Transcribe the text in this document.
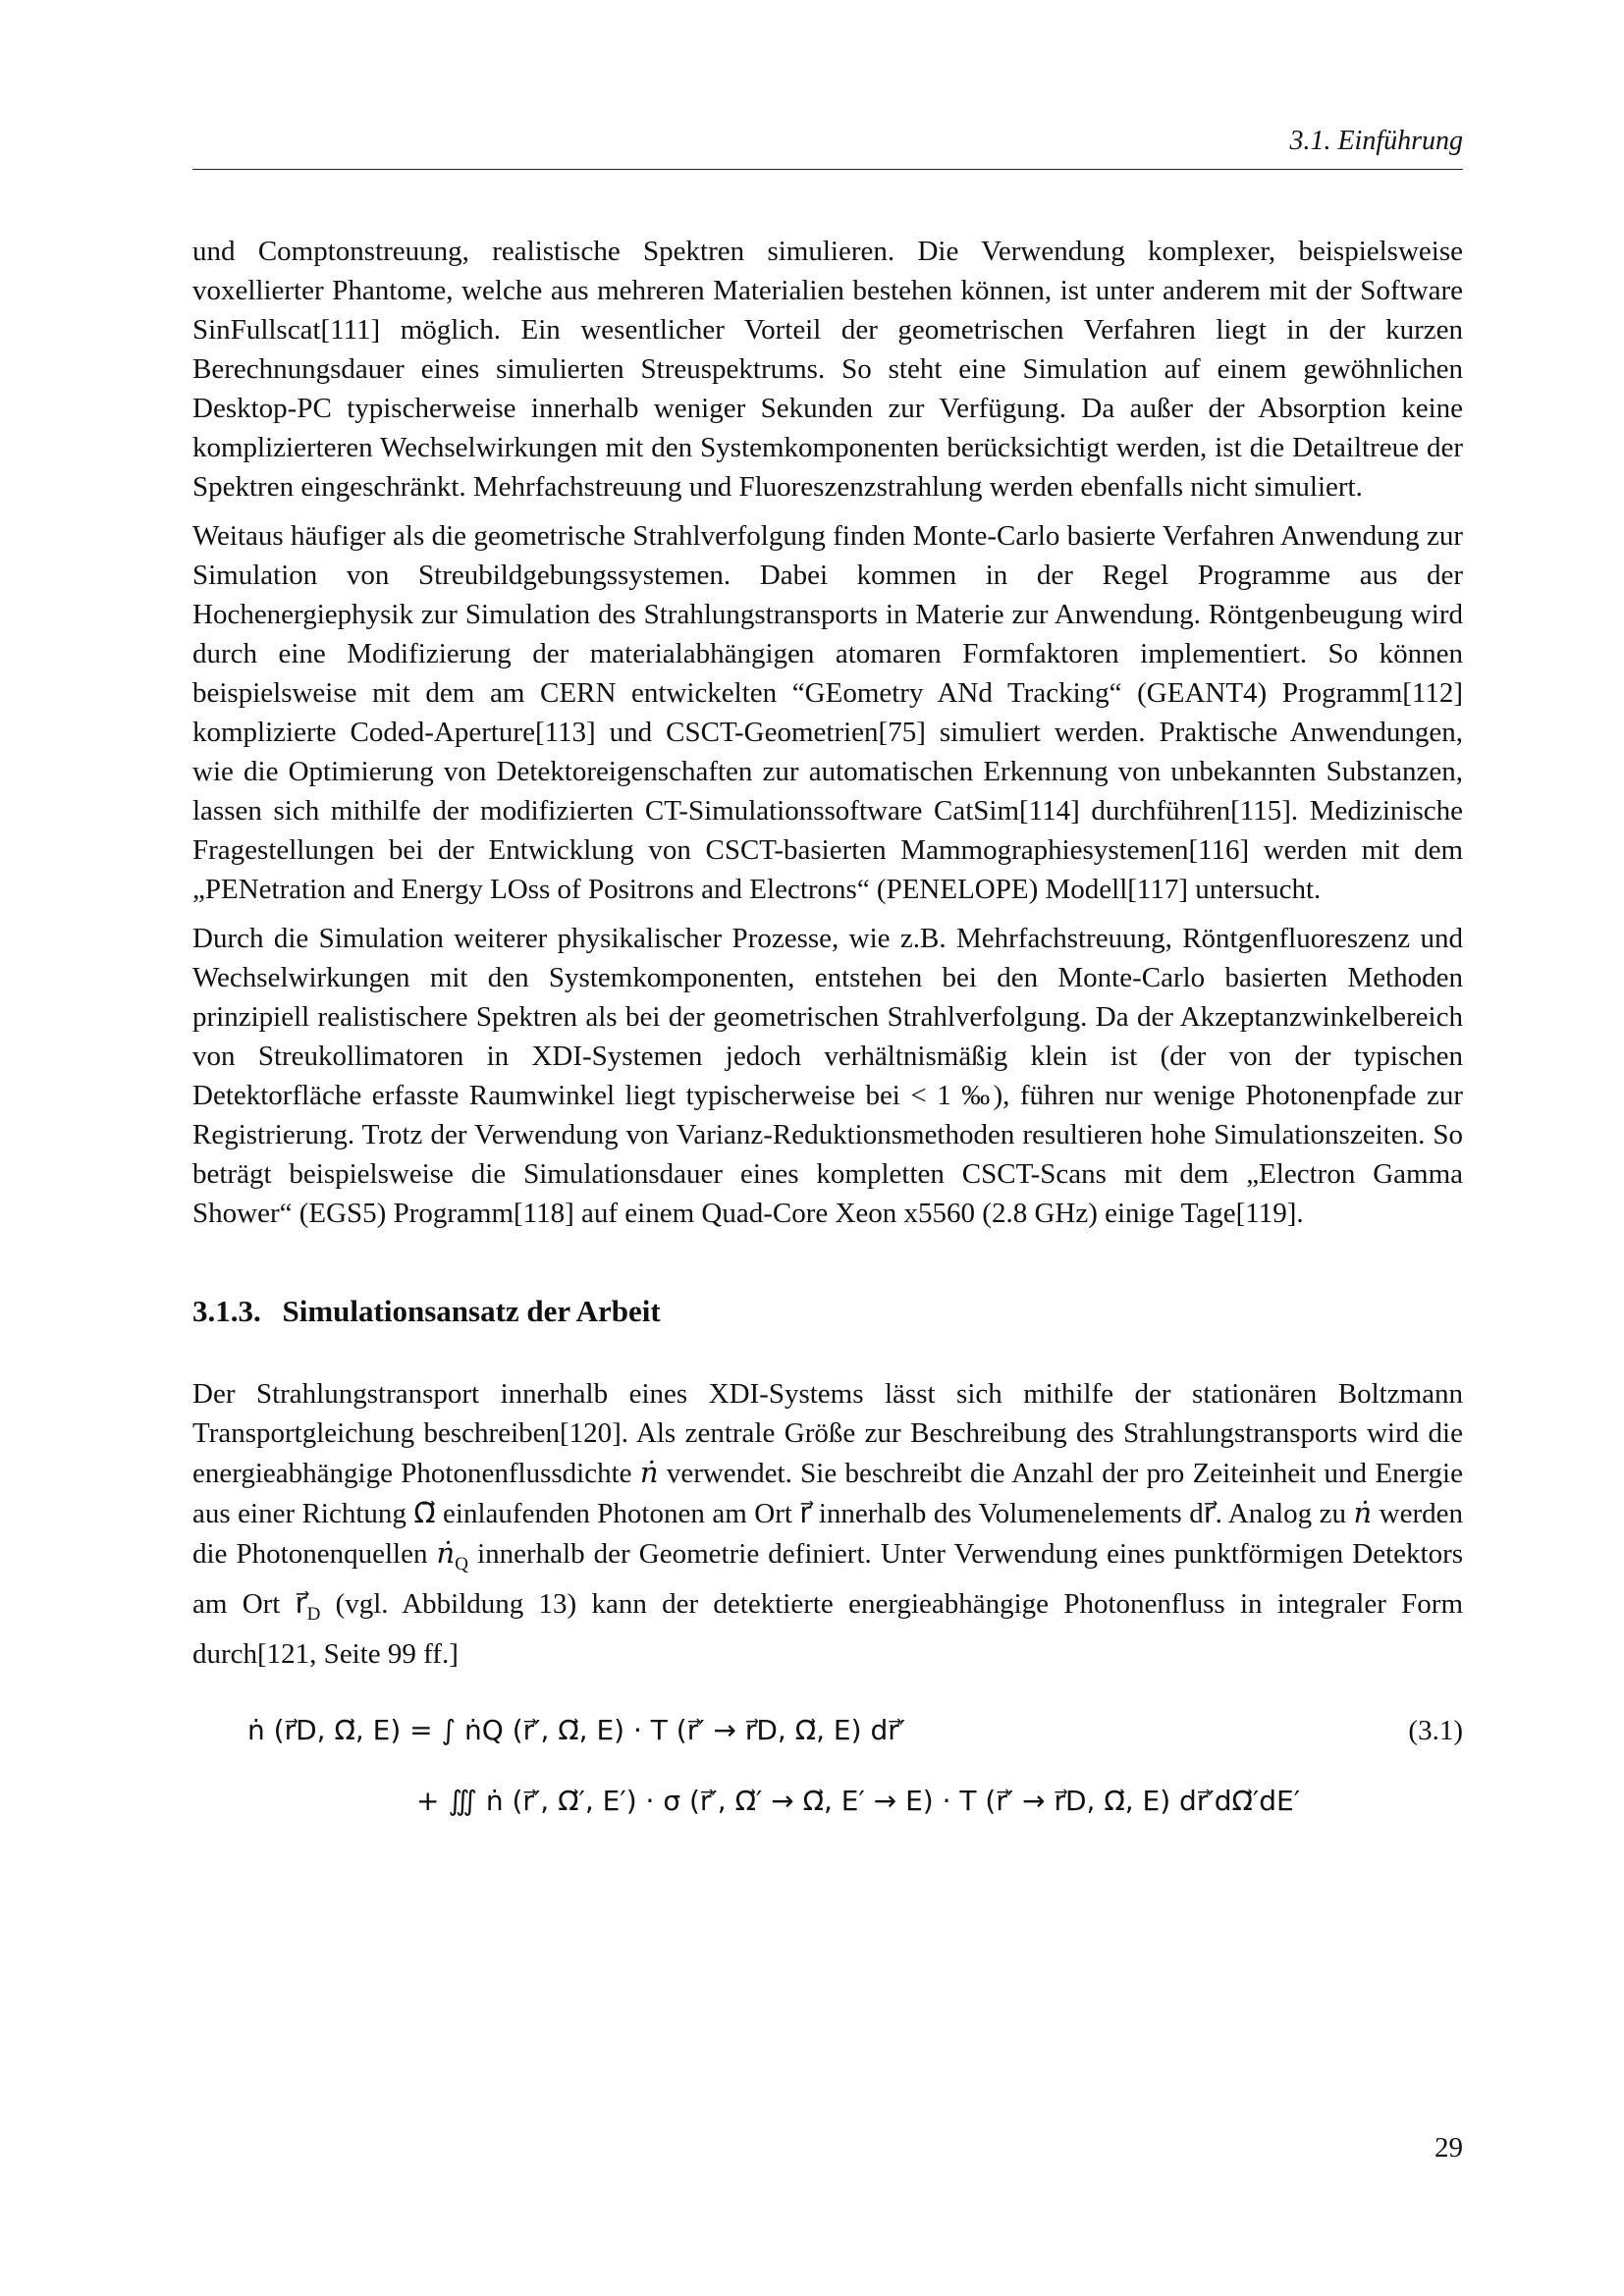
3.1. Einführung

und Comptonstreuung, realistische Spektren simulieren. Die Verwendung komplexer, beispielsweise voxellierter Phantome, welche aus mehreren Materialien bestehen können, ist unter anderem mit der Software SinFullscat[111] möglich. Ein wesentlicher Vorteil der geometrischen Verfahren liegt in der kurzen Berechnungsdauer eines simulierten Streuspektrums. So steht eine Simulation auf einem gewöhnlichen Desktop-PC typischerweise innerhalb weniger Sekunden zur Verfügung. Da außer der Absorption keine komplizierteren Wechselwirkungen mit den Systemkomponenten berücksichtigt werden, ist die Detailtreue der Spektren eingeschränkt. Mehrfachstreuung und Fluoreszenzstrahlung werden ebenfalls nicht simuliert.

Weitaus häufiger als die geometrische Strahlverfolgung finden Monte-Carlo basierte Verfahren Anwendung zur Simulation von Streubildgebungssystemen. Dabei kommen in der Regel Programme aus der Hochenergiephysik zur Simulation des Strahlungstransports in Materie zur Anwendung. Röntgenbeugung wird durch eine Modifizierung der materialabhängigen atomaren Formfaktoren implementiert. So können beispielsweise mit dem am CERN entwickelten “GEometry ANd Tracking“ (GEANT4) Programm[112] komplizierte Coded-Aperture[113] und CSCT-Geometrien[75] simuliert werden. Praktische Anwendungen, wie die Optimierung von Detektoreigenschaften zur automatischen Erkennung von unbekannten Substanzen, lassen sich mithilfe der modifizierten CT-Simulationssoftware CatSim[114] durchführen[115]. Medizinische Fragestellungen bei der Entwicklung von CSCT-basierten Mammographiesystemen[116] werden mit dem „PENetration and Energy LOss of Positrons and Electrons“ (PENELOPE) Modell[117] untersucht.

Durch die Simulation weiterer physikalischer Prozesse, wie z.B. Mehrfachstreuung, Röntgenfluoreszenz und Wechselwirkungen mit den Systemkomponenten, entstehen bei den Monte-Carlo basierten Methoden prinzipiell realistischere Spektren als bei der geometrischen Strahlverfolgung. Da der Akzeptanzwinkelbereich von Streukollimatoren in XDI-Systemen jedoch verhältnismäßig klein ist (der von der typischen Detektorfläche erfasste Raumwinkel liegt typischerweise bei < 1 ‰), führen nur wenige Photonenpfade zur Registrierung. Trotz der Verwendung von Varianz-Reduktionsmethoden resultieren hohe Simulationszeiten. So beträgt beispielsweise die Simulationsdauer eines kompletten CSCT-Scans mit dem „Electron Gamma Shower“ (EGS5) Programm[118] auf einem Quad-Core Xeon x5560 (2.8 GHz) einige Tage[119].

3.1.3. Simulationsansatz der Arbeit

Der Strahlungstransport innerhalb eines XDI-Systems lässt sich mithilfe der stationären Boltzmann Transportgleichung beschreiben[120]. Als zentrale Größe zur Beschreibung des Strahlungstransports wird die energieabhängige Photonenflussdichte ṅ verwendet. Sie beschreibt die Anzahl der pro Zeiteinheit und Energie aus einer Richtung Ω⃗ einlaufenden Photonen am Ort r⃗ innerhalb des Volumenelements dr⃗. Analog zu ṅ werden die Photonenquellen ṅ$_Q$ innerhalb der Geometrie definiert. Unter Verwendung eines punktförmigen Detektors am Ort $r⃗_D$ (vgl. Abbildung 13) kann der detektierte energieabhängige Photonenfluss in integraler Form durch[121, Seite 99 ff.]

ṅ (r⃗D, Ω⃗, E) = ∫ ṅQ (r⃗′, Ω⃗, E) · T (r⃗′ → r⃗D, Ω⃗, E) dr⃗′
+ ∭ ṅ (r⃗′, Ω⃗′, E′) · σ (r⃗′, Ω⃗′ → Ω⃗, E′ → E) · T (r⃗′ → r⃗D, Ω⃗, E) dr⃗′dΩ⃗′dE′
(3.1)
29
